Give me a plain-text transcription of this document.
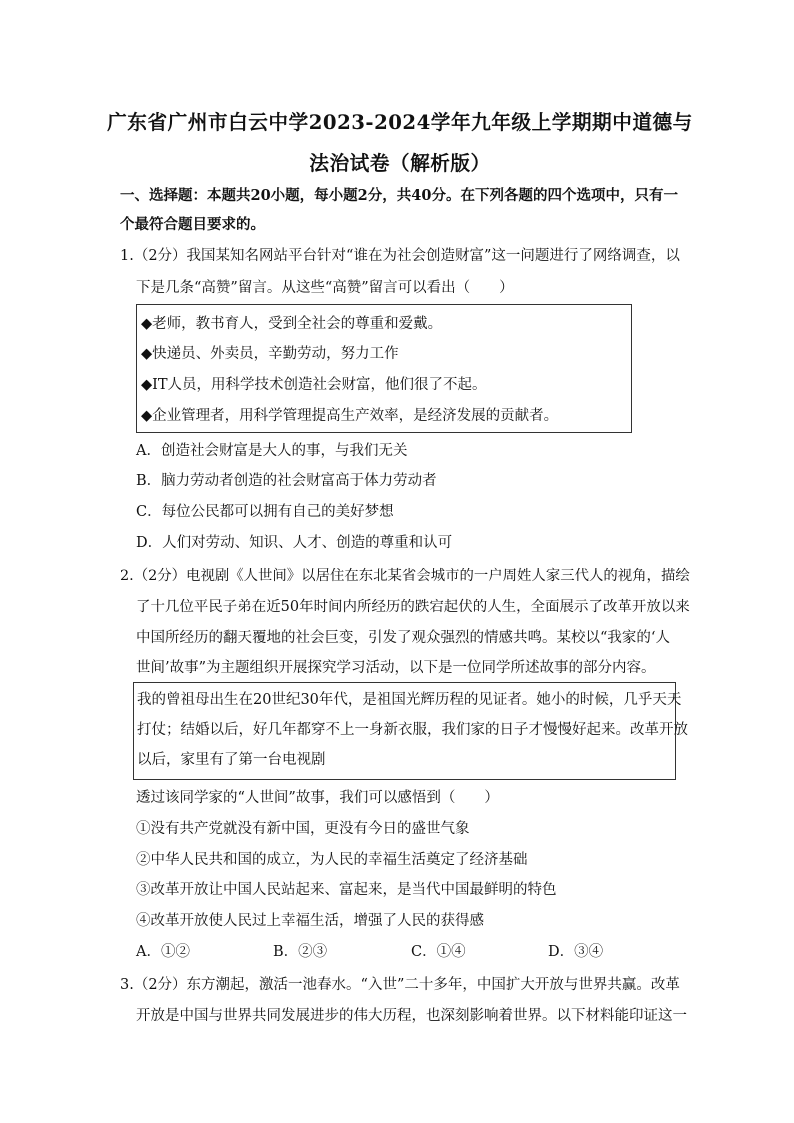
广东省广州市白云中学2023-2024学年九年级上学期期中道德与
法治试卷（解析版）
一、选择题：本题共20小题，每小题2分，共40分。在下列各题的四个选项中，只有一
个最符合题目要求的。
1.（2分）我国某知名网站平台针对“谁在为社会创造财富”这一问题进行了网络调查，以
下是几条“高赞”留言。从这些“高赞”留言可以看出（　　）
◆老师，教书育人，受到全社会的尊重和爱戴。
◆快递员、外卖员，辛勤劳动，努力工作
◆IT人员，用科学技术创造社会财富，他们很了不起。
◆企业管理者，用科学管理提高生产效率，是经济发展的贡献者。
A．创造社会财富是大人的事，与我们无关
B．脑力劳动者创造的社会财富高于体力劳动者
C．每位公民都可以拥有自己的美好梦想
D．人们对劳动、知识、人才、创造的尊重和认可
2.（2分）电视剧《人世间》以居住在东北某省会城市的一户周姓人家三代人的视角，描绘
了十几位平民子弟在近50年时间内所经历的跌宕起伏的人生，全面展示了改革开放以来
中国所经历的翻天覆地的社会巨变，引发了观众强烈的情感共鸣。某校以“我家的‘人
世间’故事”为主题组织开展探究学习活动，以下是一位同学所述故事的部分内容。
我的曾祖母出生在20世纪30年代，是祖国光辉历程的见证者。她小的时候，几乎天天
打仗；结婚以后，好几年都穿不上一身新衣服，我们家的日子才慢慢好起来。改革开放
以后，家里有了第一台电视剧
透过该同学家的“人世间”故事，我们可以感悟到（　　）
①没有共产党就没有新中国，更没有今日的盛世气象
②中华人民共和国的成立，为人民的幸福生活奠定了经济基础
③改革开放让中国人民站起来、富起来，是当代中国最鲜明的特色
④改革开放使人民过上幸福生活，增强了人民的获得感
A．①②	B．②③	C．①④	D．③④
3.（2分）东方潮起，激活一池春水。“入世”二十多年，中国扩大开放与世界共赢。改革
开放是中国与世界共同发展进步的伟大历程，也深刻影响着世界。以下材料能印证这一
